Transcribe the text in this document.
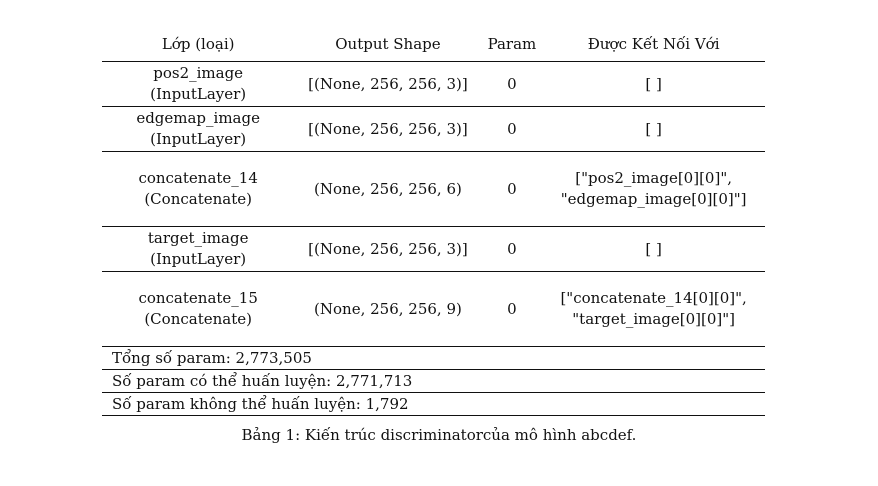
Lớp (loại)	Output Shape	Param	Được Kết Nối Với

pos2_image
(InputLayer)	[(None, 256, 256, 3)]	0	[ ]

edgemap_image
(InputLayer)	[(None, 256, 256, 3)]	0	[ ]

concatenate_14
(Concatenate)	(None, 256, 256, 6)	0	["pos2_image[0][0]",
"edgemap_image[0][0]"]

target_image
(InputLayer)	[(None, 256, 256, 3)]	0	[ ]

concatenate_15
(Concatenate)	(None, 256, 256, 9)	0	["concatenate_14[0][0]",
"target_image[0][0]"]

Tổng số param: 2,773,505			
Số param có thể huấn luyện: 2,771,713			
Số param không thể huấn luyện: 1,792			
Bảng 1: Kiến trúc discriminatorcủa mô hình abcdef.
